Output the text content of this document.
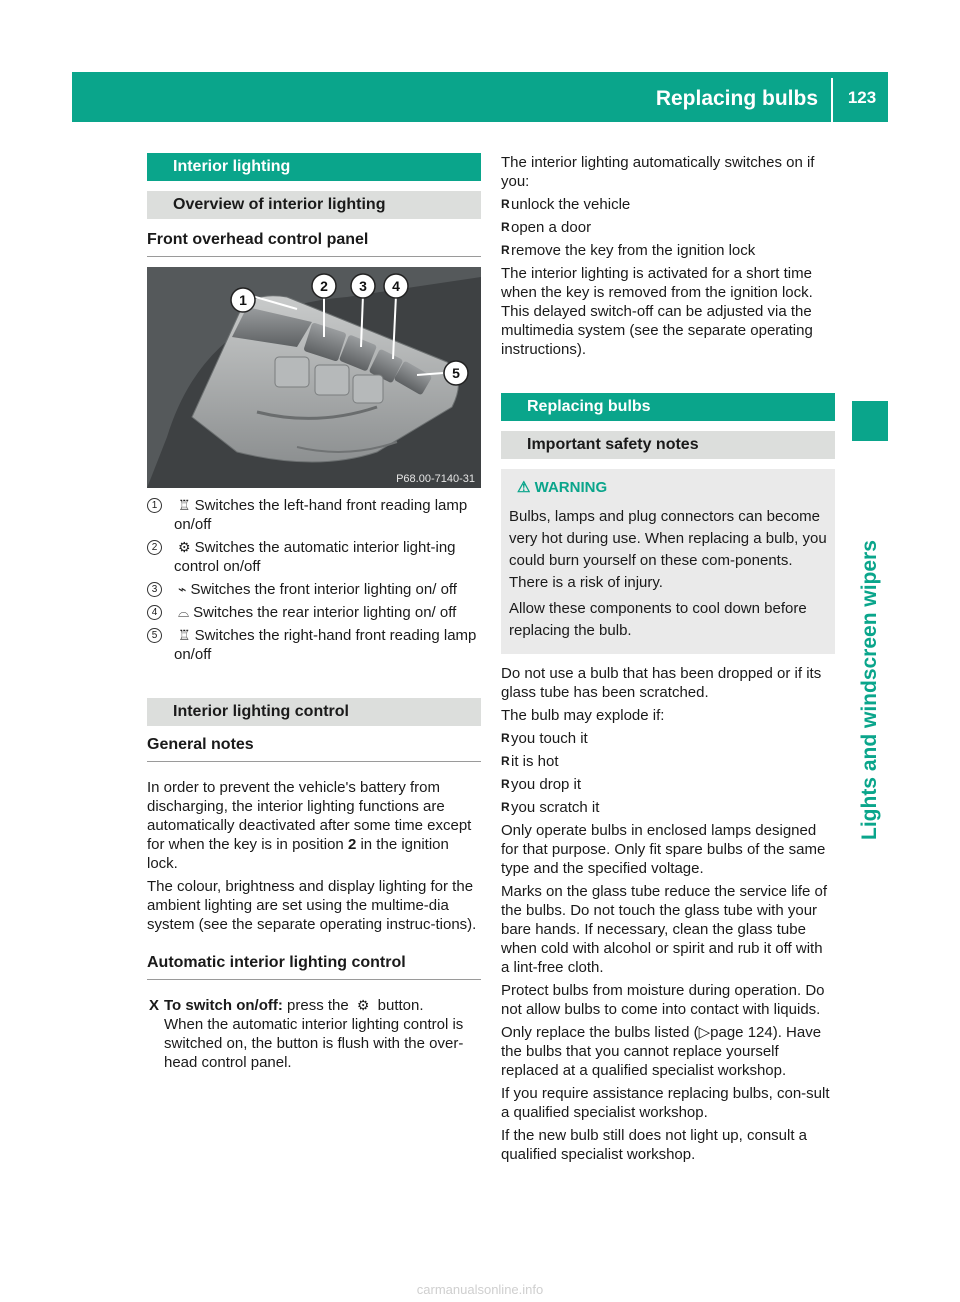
Replacing bulbs	123
Lights and windscreen wipers
Interior lighting
Overview of interior lighting
Front overhead control panel
1
2 3 4
5
P68.00-7140-31
1	♖ Switches the left-hand front reading lamp on/off
2	⚙ Switches the automatic interior light-ing control on/off
3	⌁ Switches the front interior lighting on/ off
4	⌓ Switches the rear interior lighting on/ off
5	♖ Switches the right-hand front reading lamp on/off
Interior lighting control
General notes

In order to prevent the vehicle's battery from discharging, the interior lighting functions are automatically deactivated after some time except for when the key is in position 2 in the ignition lock.

The colour, brightness and display lighting for the ambient lighting are set using the multime-dia system (see the separate operating instruc-tions).

Automatic interior lighting control
X To switch on/off: press the ⚙ button.
When the automatic interior lighting control is switched on, the button is flush with the over-head control panel.

The interior lighting automatically switches on if you:

R unlock the vehicle
R open a door
R remove the key from the ignition lock

The interior lighting is activated for a short time when the key is removed from the ignition lock. This delayed switch-off can be adjusted via the multimedia system (see the separate operating instructions).

Replacing bulbs
Important safety notes
⚠ WARNING

Bulbs, lamps and plug connectors can become very hot during use. When replacing a bulb, you could burn yourself on these com-ponents. There is a risk of injury.

Allow these components to cool down before replacing the bulb.

Do not use a bulb that has been dropped or if its glass tube has been scratched.

The bulb may explode if:

R you touch it
R it is hot
R you drop it
R you scratch it

Only operate bulbs in enclosed lamps designed for that purpose. Only fit spare bulbs of the same type and the specified voltage.

Marks on the glass tube reduce the service life of the bulbs. Do not touch the glass tube with your bare hands. If necessary, clean the glass tube when cold with alcohol or spirit and rub it off with a lint-free cloth.

Protect bulbs from moisture during operation. Do not allow bulbs to come into contact with liquids.

Only replace the bulbs listed (▷page 124). Have the bulbs that you cannot replace yourself replaced at a qualified specialist workshop.

If you require assistance replacing bulbs, con-sult a qualified specialist workshop.

If the new bulb still does not light up, consult a qualified specialist workshop.

carmanualsonline.info
